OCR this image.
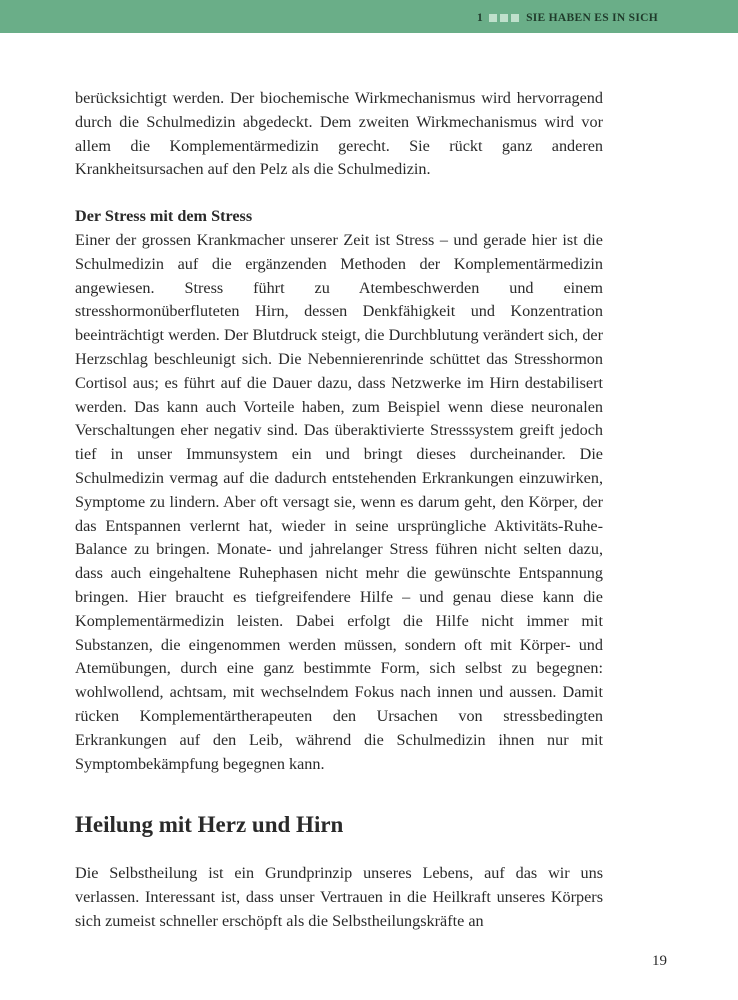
1	SIE HABEN ES IN SICH

berücksichtigt werden. Der biochemische Wirkmechanismus wird hervorragend durch die Schulmedizin abgedeckt. Dem zweiten Wirkmechanismus wird vor allem die Komplementärmedizin gerecht. Sie rückt ganz anderen Krankheitsursachen auf den Pelz als die Schulmedizin.

Der Stress mit dem Stress

Einer der grossen Krankmacher unserer Zeit ist Stress – und gerade hier ist die Schulmedizin auf die ergänzenden Methoden der Komplementärmedizin angewiesen. Stress führt zu Atembeschwerden und einem stresshormonüberfluteten Hirn, dessen Denkfähigkeit und Konzentration beeinträchtigt werden. Der Blutdruck steigt, die Durchblutung verändert sich, der Herzschlag beschleunigt sich. Die Nebennierenrinde schüttet das Stresshormon Cortisol aus; es führt auf die Dauer dazu, dass Netzwerke im Hirn destabilisert werden. Das kann auch Vorteile haben, zum Beispiel wenn diese neuronalen Verschaltungen eher negativ sind. Das überaktivierte Stresssystem greift jedoch tief in unser Immunsystem ein und bringt dieses durcheinander. Die Schulmedizin vermag auf die dadurch entstehenden Erkrankungen einzuwirken, Symptome zu lindern. Aber oft versagt sie, wenn es darum geht, den Körper, der das Entspannen verlernt hat, wieder in seine ursprüngliche Aktivitäts-Ruhe-Balance zu bringen. Monate- und jahrelanger Stress führen nicht selten dazu, dass auch eingehaltene Ruhephasen nicht mehr die gewünschte Entspannung bringen. Hier braucht es tiefgreifendere Hilfe – und genau diese kann die Komplementärmedizin leisten. Dabei erfolgt die Hilfe nicht immer mit Substanzen, die eingenommen werden müssen, sondern oft mit Körper- und Atemübungen, durch eine ganz bestimmte Form, sich selbst zu begegnen: wohlwollend, achtsam, mit wechselndem Fokus nach innen und aussen. Damit rücken Komplementärtherapeuten den Ursachen von stressbedingten Erkrankungen auf den Leib, während die Schulmedizin ihnen nur mit Symptombekämpfung begegnen kann.

Heilung mit Herz und Hirn

Die Selbstheilung ist ein Grundprinzip unseres Lebens, auf das wir uns verlassen. Interessant ist, dass unser Vertrauen in die Heilkraft unseres Körpers sich zumeist schneller erschöpft als die Selbstheilungskräfte an

19
